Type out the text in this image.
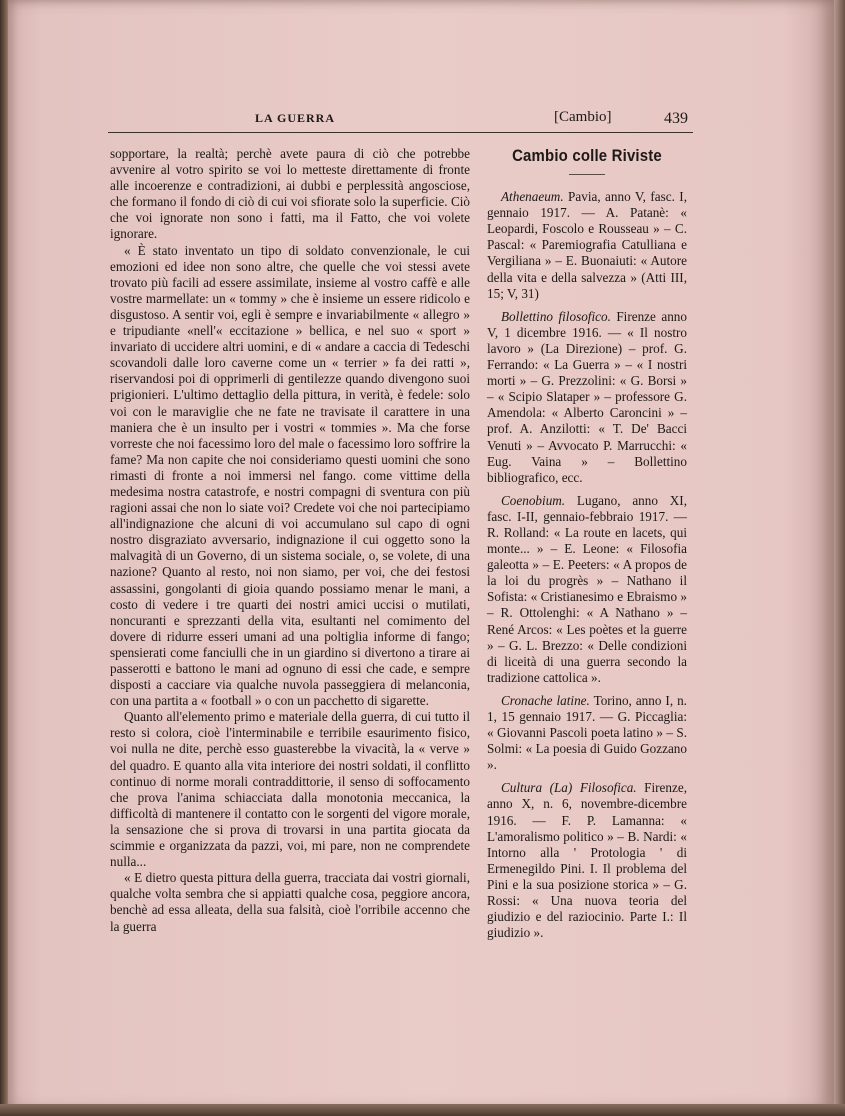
LA GUERRA	[Cambio]	439

sopportare, la realtà; perchè avete paura di ciò che potrebbe avvenire al votro spirito se voi lo metteste direttamente di fronte alle incoerenze e contradizioni, ai dubbi e perplessità angosciose, che formano il fondo di ciò di cui voi sfiorate solo la superficie. Ciò che voi ignorate non sono i fatti, ma il Fatto, che voi volete ignorare.

« È stato inventato un tipo di soldato convenzionale, le cui emozioni ed idee non sono altre, che quelle che voi stessi avete trovato più facili ad essere assimilate, insieme al vostro caffè e alle vostre marmellate: un « tommy » che è insieme un essere ridicolo e disgustoso. A sentir voi, egli è sempre e invariabilmente « allegro » e tripudiante «nell'« eccitazione » bellica, e nel suo « sport » invariato di uccidere altri uomini, e di « andare a caccia di Tedeschi scovandoli dalle loro caverne come un « terrier » fa dei ratti », riservandosi poi di opprimerli di gentilezze quando divengono suoi prigionieri. L'ultimo dettaglio della pittura, in verità, è fedele: solo voi con le maraviglie che ne fate ne travisate il carattere in una maniera che è un insulto per i vostri « tommies ». Ma che forse vorreste che noi facessimo loro del male o facessimo loro soffrire la fame? Ma non capite che noi consideriamo questi uomini che sono rimasti di fronte a noi immersi nel fango. come vittime della medesima nostra catastrofe, e nostri compagni di sventura con più ragioni assai che non lo siate voi? Credete voi che noi partecipiamo all'indignazione che alcuni di voi accumulano sul capo di ogni nostro disgraziato avversario, indignazione il cui oggetto sono la malvagità di un Governo, di un sistema sociale, o, se volete, di una nazione? Quanto al resto, noi non siamo, per voi, che dei festosi assassini, gongolanti di gioia quando possiamo menar le mani, a costo di vedere i tre quarti dei nostri amici uccisi o mutilati, noncuranti e sprezzanti della vita, esultanti nel comimento del dovere di ridurre esseri umani ad una poltiglia informe di fango; spensierati come fanciulli che in un giardino si divertono a tirare ai passerotti e battono le mani ad ognuno di essi che cade, e sempre disposti a cacciare via qualche nuvola passeggiera di melanconia, con una partita a « football » o con un pacchetto di sigarette.

Quanto all'elemento primo e materiale della guerra, di cui tutto il resto si colora, cioè l'interminabile e terribile esaurimento fisico, voi nulla ne dite, perchè esso guasterebbe la vivacità, la « verve » del quadro. E quanto alla vita interiore dei nostri soldati, il conflitto continuo di norme morali contraddittorie, il senso di soffocamento che prova l'anima schiacciata dalla monotonia meccanica, la difficoltà di mantenere il contatto con le sorgenti del vigore morale, la sensazione che si prova di trovarsi in una partita giocata da scimmie e organizzata da pazzi, voi, mi pare, non ne comprendete nulla...

« E dietro questa pittura della guerra, tracciata dai vostri giornali, qualche volta sembra che si appiatti qualche cosa, peggiore ancora, benchè ad essa alleata, della sua falsità, cioè l'orribile accenno che la guerra

Cambio colle Riviste

Athenaeum. Pavia, anno V, fasc. I, gennaio 1917. — A. Patanè: « Leopardi, Foscolo e Rousseau » – C. Pascal: « Paremiografia Catulliana e Vergiliana » – E. Buonaiuti: « Autore della vita e della salvezza » (Atti III, 15; V, 31)

Bollettino filosofico. Firenze anno V, 1 dicembre 1916. — « Il nostro lavoro » (La Direzione) – prof. G. Ferrando: « La Guerra » – « I nostri morti » – G. Prezzolini: « G. Borsi » – « Scipio Slataper » – professore G. Amendola: « Alberto Caroncini » – prof. A. Anzilotti: « T. De' Bacci Venuti » – Avvocato P. Marrucchi: « Eug. Vaina » – Bollettino bibliografico, ecc.

Coenobium. Lugano, anno XI, fasc. I-II, gennaio-febbraio 1917. — R. Rolland: « La route en lacets, qui monte... » – E. Leone: « Filosofia galeotta » – E. Peeters: « A propos de la loi du progrès » – Nathano il Sofista: « Cristianesimo e Ebraismo » – R. Ottolenghi: « A Nathano » – René Arcos: « Les poètes et la guerre » – G. L. Brezzo: « Delle condizioni di liceità di una guerra secondo la tradizione cattolica ».

Cronache latine. Torino, anno I, n. 1, 15 gennaio 1917. — G. Piccaglia: « Giovanni Pascoli poeta latino » – S. Solmi: « La poesia di Guido Gozzano ».

Cultura (La) Filosofica. Firenze, anno X, n. 6, novembre-dicembre 1916. — F. P. Lamanna: « L'amoralismo politico » – B. Nardi: « Intorno alla ' Protologia ' di Ermenegildo Pini. I. Il problema del Pini e la sua posizione storica » – G. Rossi: « Una nuova teoria del giudizio e del raziocinio. Parte I.: Il giudizio ».
